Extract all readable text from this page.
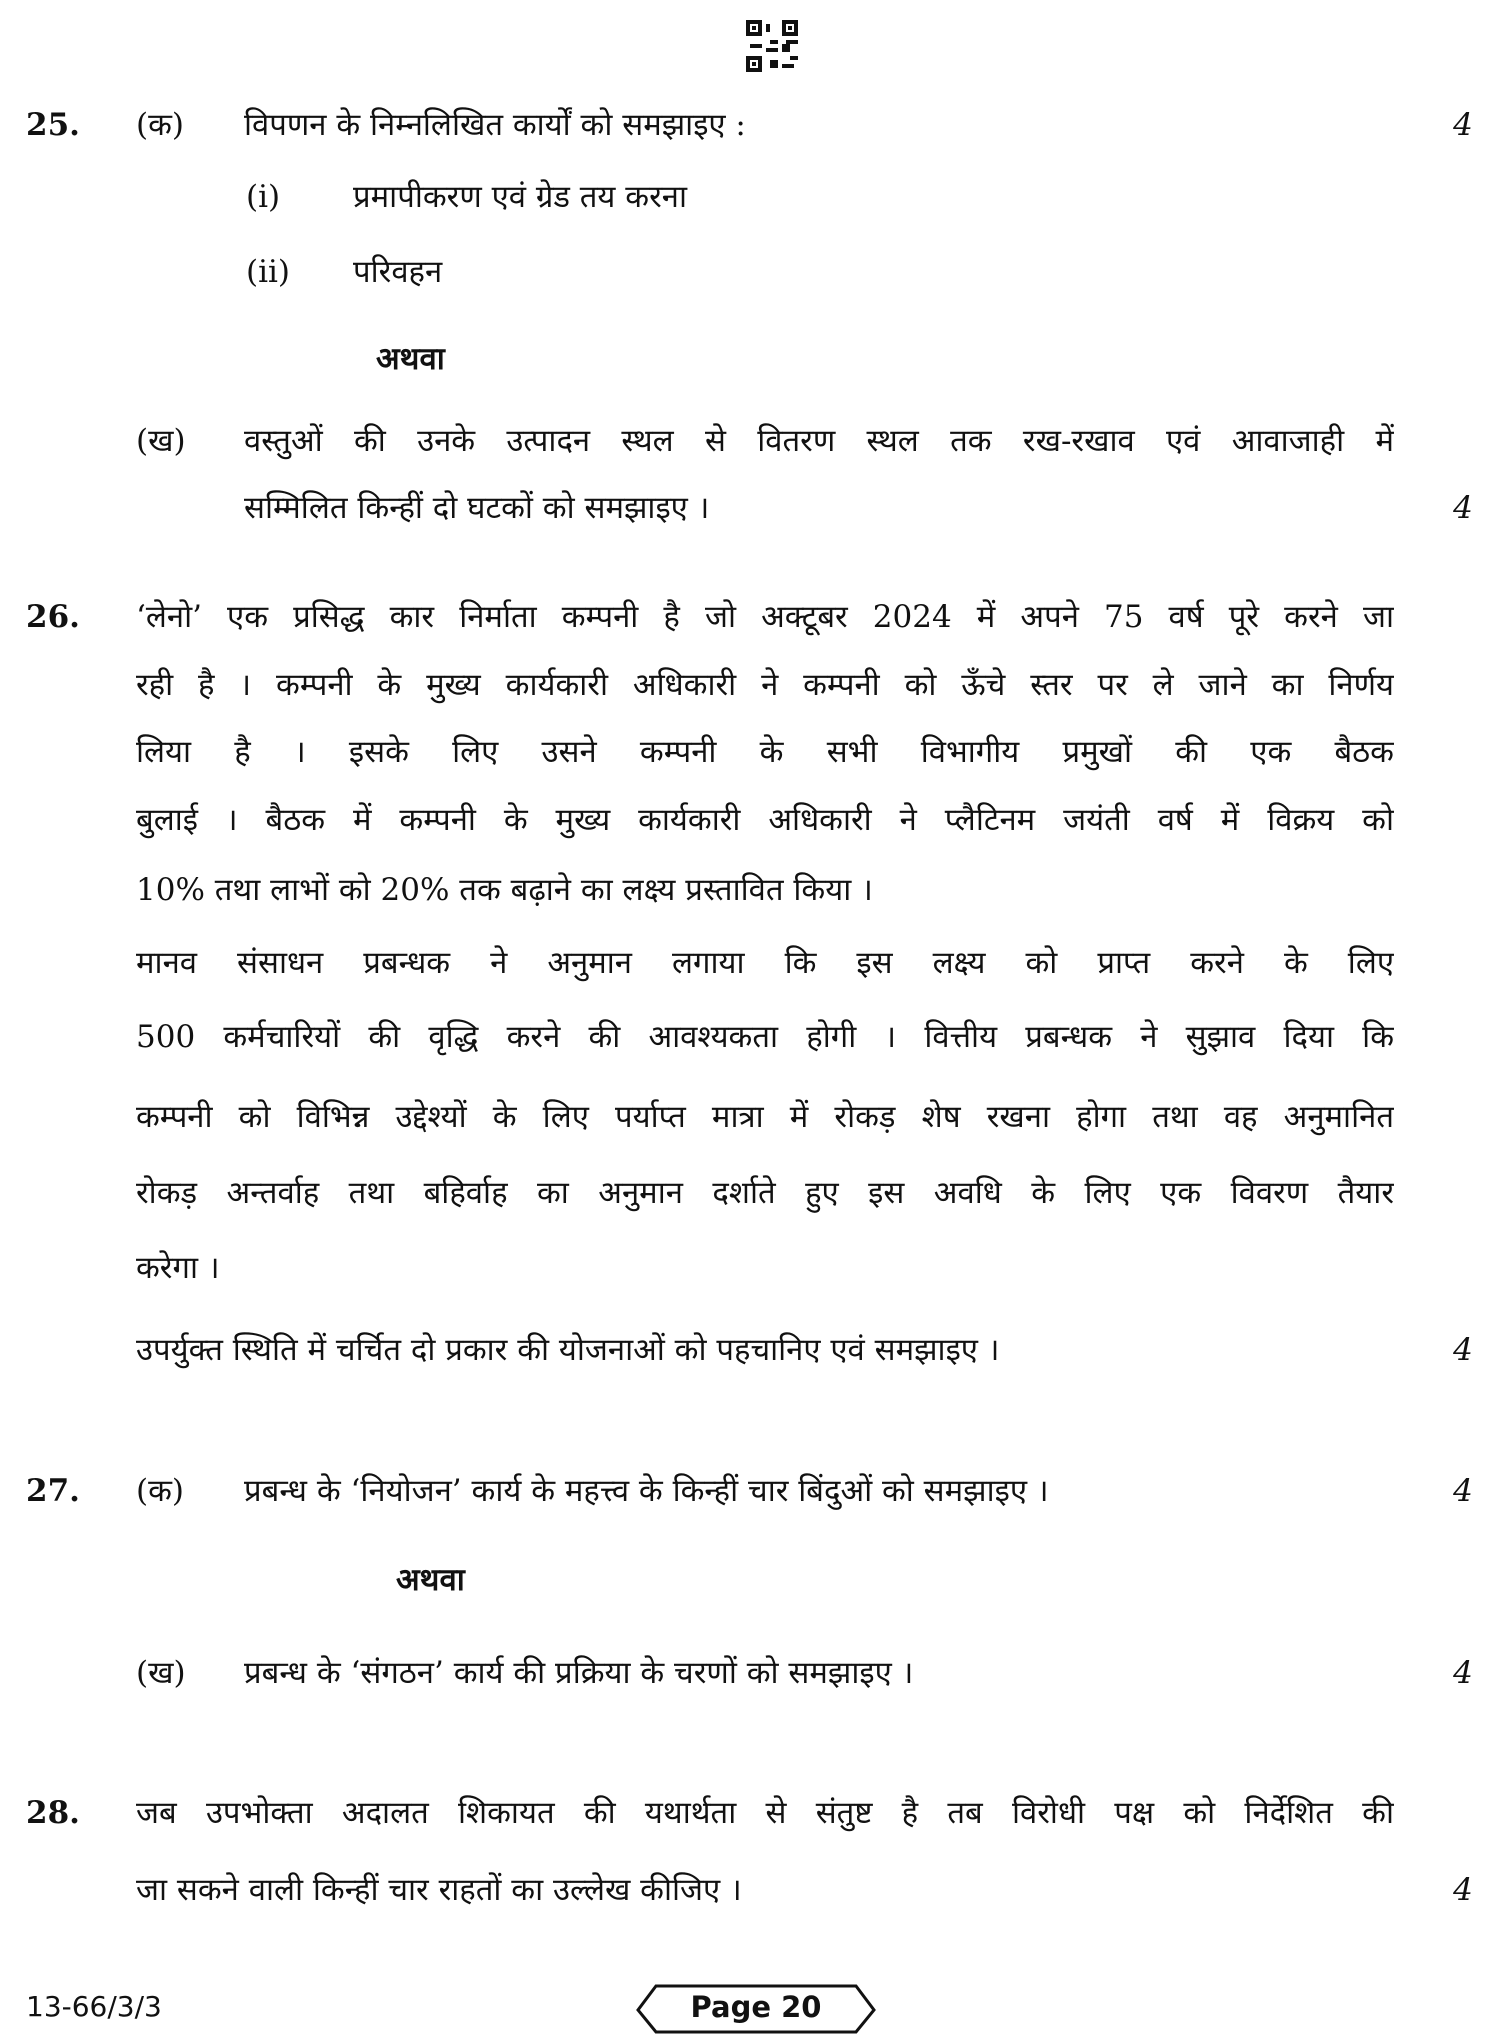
25. (क) विपणन के निम्नलिखित कार्यों को समझाइए :	4
(i) प्रमापीकरण एवं ग्रेड तय करना
(ii) परिवहन
अथवा
(ख) वस्तुओं की उनके उत्पादन स्थल से वितरण स्थल तक रख-रखाव एवं आवाजाही में
सम्मिलित किन्हीं दो घटकों को समझाइए ।	4
26. ‘लेनो’ एक प्रसिद्ध कार निर्माता कम्पनी है जो अक्टूबर 2024 में अपने 75 वर्ष पूरे करने जा
रही है । कम्पनी के मुख्य कार्यकारी अधिकारी ने कम्पनी को ऊँचे स्तर पर ले जाने का निर्णय
लिया है । इसके लिए उसने कम्पनी के सभी विभागीय प्रमुखों की एक बैठक
बुलाई । बैठक में कम्पनी के मुख्य कार्यकारी अधिकारी ने प्लैटिनम जयंती वर्ष में विक्रय को
10% तथा लाभों को 20% तक बढ़ाने का लक्ष्य प्रस्तावित किया ।
मानव संसाधन प्रबन्धक ने अनुमान लगाया कि इस लक्ष्य को प्राप्त करने के लिए
500 कर्मचारियों की वृद्धि करने की आवश्यकता होगी । वित्तीय प्रबन्धक ने सुझाव दिया कि
कम्पनी को विभिन्न उद्देश्यों के लिए पर्याप्त मात्रा में रोकड़ शेष रखना होगा तथा वह अनुमानित
रोकड़ अन्तर्वाह तथा बहिर्वाह का अनुमान दर्शाते हुए इस अवधि के लिए एक विवरण तैयार
करेगा ।
उपर्युक्त स्थिति में चर्चित दो प्रकार की योजनाओं को पहचानिए एवं समझाइए ।	4
27. (क) प्रबन्ध के ‘नियोजन’ कार्य के महत्त्व के किन्हीं चार बिंदुओं को समझाइए ।	4
अथवा
(ख) प्रबन्ध के ‘संगठन’ कार्य की प्रक्रिया के चरणों को समझाइए ।	4
28. जब उपभोक्ता अदालत शिकायत की यथार्थता से संतुष्ट है तब विरोधी पक्ष को निर्देशित की
जा सकने वाली किन्हीं चार राहतों का उल्लेख कीजिए ।	4
13-66/3/3	Page 20
